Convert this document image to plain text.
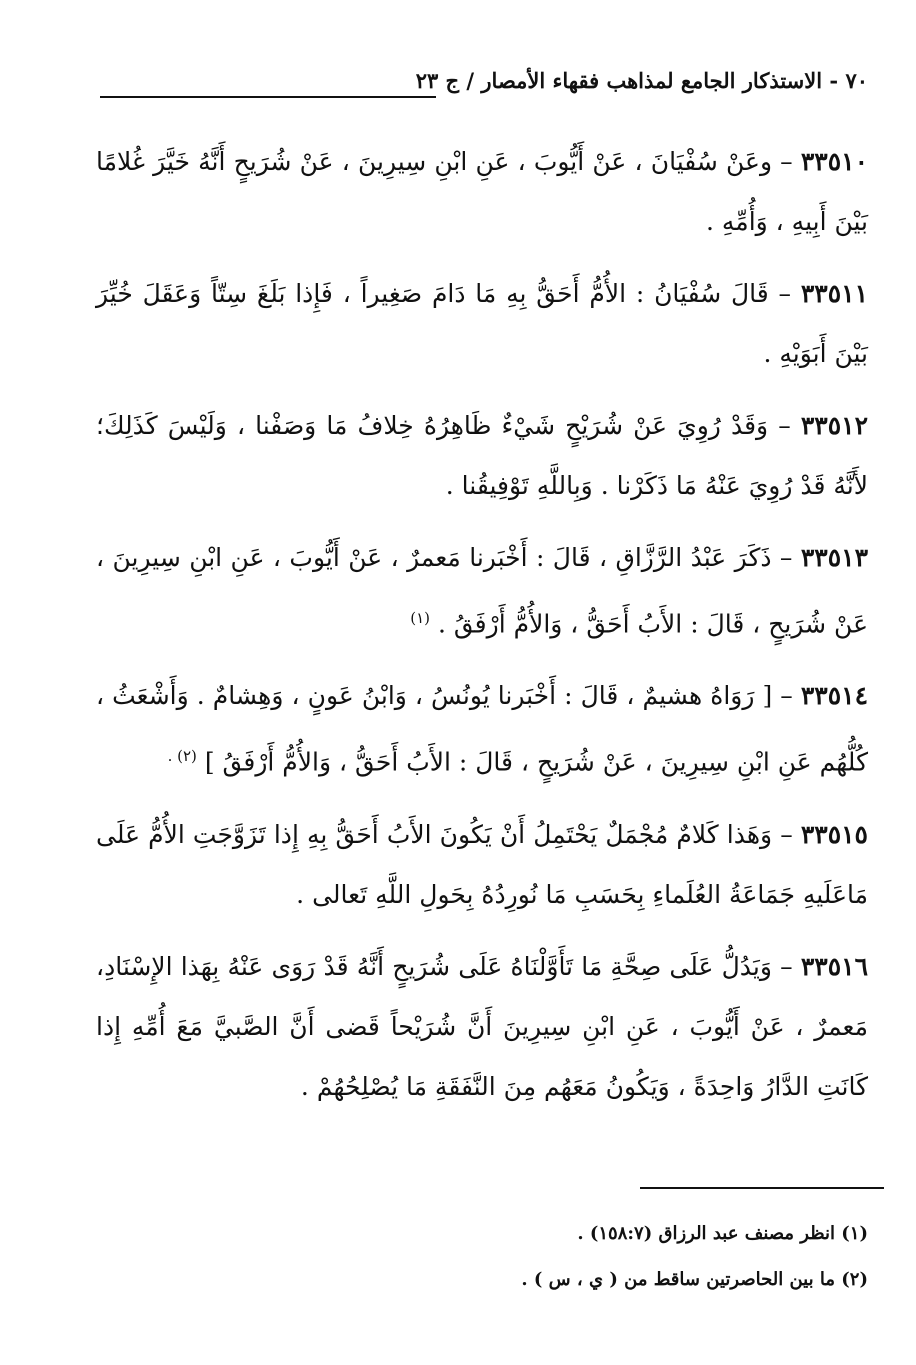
٧٠ - الاستذكار الجامع لمذاهب فقهاء الأمصار / ج ٢٣

٣٣٥١٠ – وعَنْ سُفْيَانَ ، عَنْ أَيُّوبَ ، عَنِ ابْنِ سِيرِينَ ، عَنْ شُرَيحٍ أَنَّهُ خَيَّرَ غُلامًا بَيْنَ أَبِيهِ ، وَأُمِّهِ .

٣٣٥١١ – قَالَ سُفْيَانُ : الأُمُّ أَحَقُّ بِهِ مَا دَامَ صَغِيراً ، فَإِذا بَلَغَ سِتّاً وَعَقَلَ خُيِّرَ بَيْنَ أَبَوَيْهِ .

٣٣٥١٢ – وَقَدْ رُوِيَ عَنْ شُرَيْحٍ شَيْءٌ ظَاهِرُهُ خِلافُ مَا وَصَفْنا ، وَلَيْسَ كَذَلِكَ؛ لأَنَّهُ قَدْ رُوِيَ عَنْهُ مَا ذَكَرْنا . وَبِاللَّهِ تَوْفِيقُنا .

٣٣٥١٣ – ذَكَرَ عَبْدُ الرَّزَّاقِ ، قَالَ : أَخْبَرنا مَعمرٌ ، عَنْ أَيُّوبَ ، عَنِ ابْنِ سِيرِينَ ، عَنْ شُرَيحٍ ، قَالَ : الأَبُ أَحَقُّ ، وَالأُمُّ أَرْفَقُ . $^{(١)}$

٣٣٥١٤ – [ رَوَاهُ هشيمٌ ، قَالَ : أَخْبَرنا يُونُسُ ، وَابْنُ عَونٍ ، وَهِشامٌ . وَأَشْعَثُ ، كُلُّهُم عَنِ ابْنِ سِيرِينَ ، عَنْ شُرَيحٍ ، قَالَ : الأَبُ أَحَقُّ ، وَالأُمُّ أَرْفَقُ ] $^{(٢) .}$

٣٣٥١٥ – وَهَذا كَلامٌ مُجْمَلٌ يَحْتَمِلُ أَنْ يَكُونَ الأَبُ أَحَقُّ بِهِ إِذا تَزَوَّجَتِ الأُمُّ عَلَى مَاعَلَيهِ جَمَاعَةُ العُلَماءِ بِحَسَبِ مَا نُورِدُهُ بِحَولِ اللَّهِ تَعالى .

٣٣٥١٦ – وَيَدُلُّ عَلَى صِحَّةِ مَا تَأَوَّلْنَاهُ عَلَى شُرَيحٍ أَنَّهُ قَدْ رَوَى عَنْهُ بِهَذا الإِسْنَادِ، مَعمرٌ ، عَنْ أَيُّوبَ ، عَنِ ابْنِ سِيرِينَ أَنَّ شُرَيْحاً قَضى أَنَّ الصَّبيَّ مَعَ أُمِّهِ إِذا كَانَتِ الدَّارُ وَاحِدَةً ، وَيَكُونُ مَعَهُم مِنَ النَّفَقَةِ مَا يُصْلِحُهُمْ .

(١) انظر مصنف عبد الرزاق (١٥٨:٧) .

(٢) ما بين الحاصرتين ساقط من ( ي ، س ) .
